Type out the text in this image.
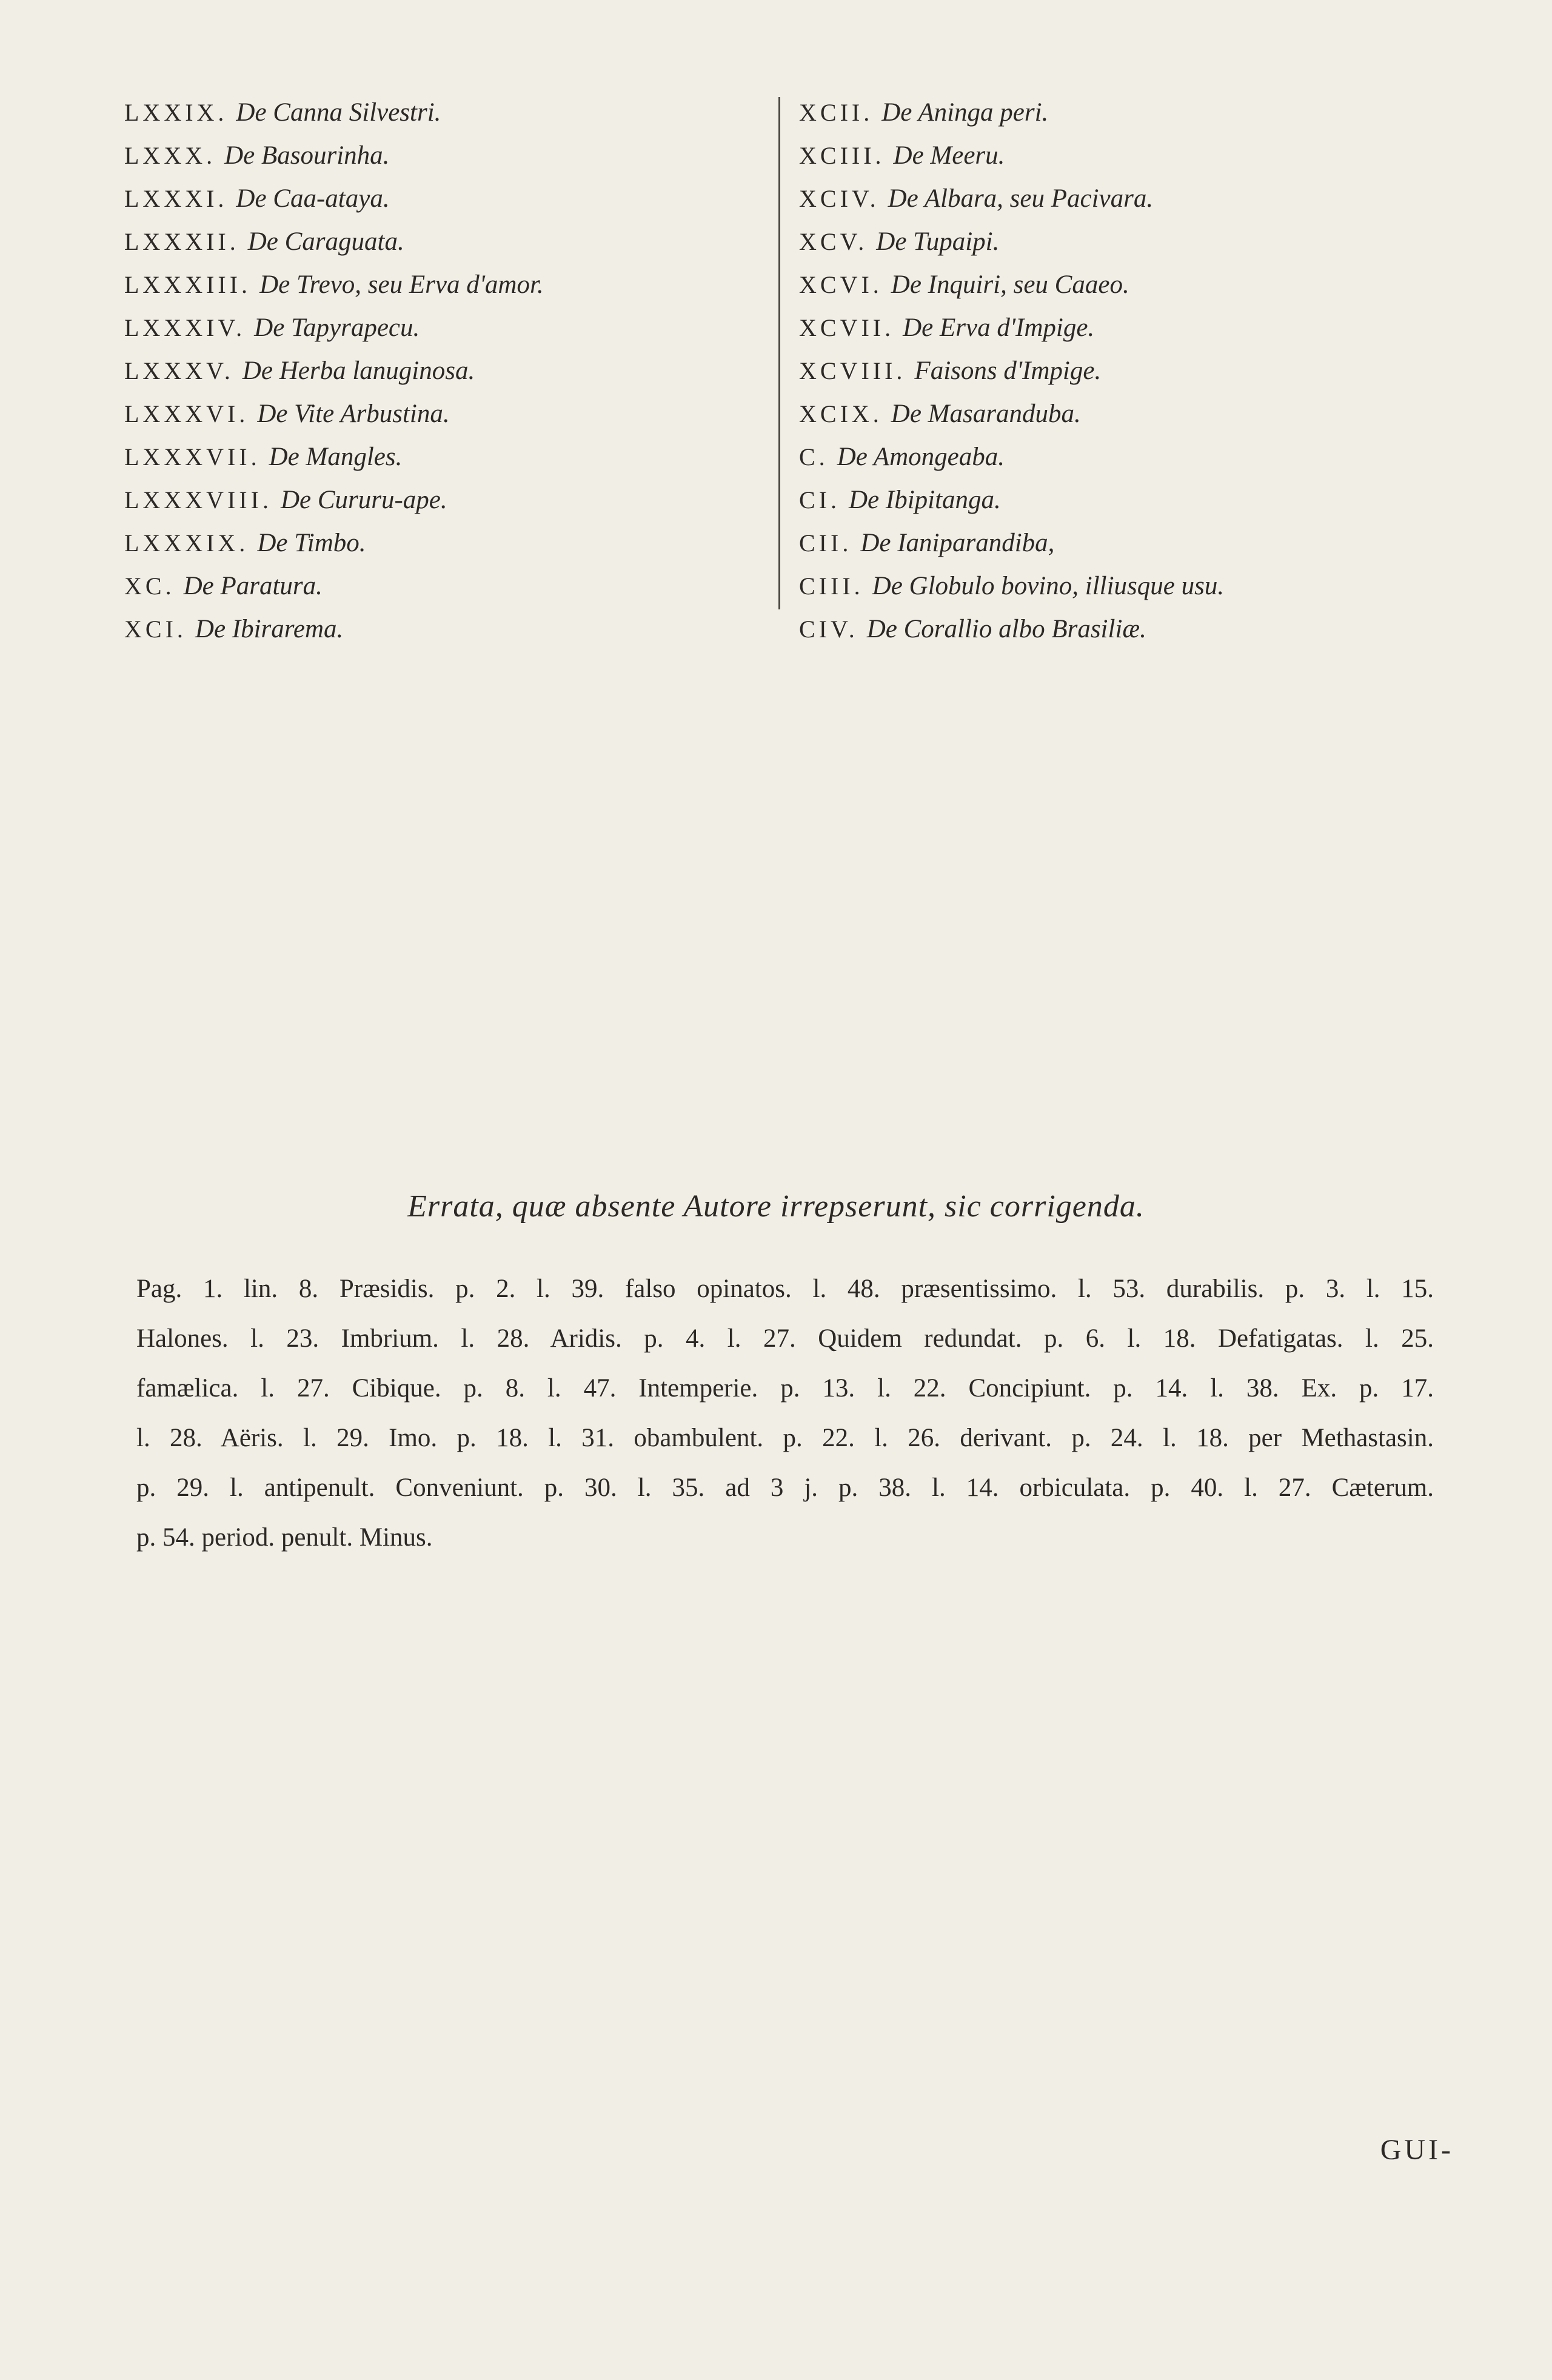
LXXIX. De Canna Silvestri.
LXXX. De Basourinha.
LXXXI. De Caa-ataya.
LXXXII. De Caraguata.
LXXXIII. De Trevo, seu Erva d'amor.
LXXXIV. De Tapyrapecu.
LXXXV. De Herba lanuginosa.
LXXXVI. De Vite Arbustina.
LXXXVII. De Mangles.
LXXXVIII. De Cururu-ape.
LXXXIX. De Timbo.
XC. De Paratura.
XCI. De Ibirarema.
XCII. De Aninga peri.
XCIII. De Meeru.
XCIV. De Albara, seu Pacivara.
XCV. De Tupaipi.
XCVI. De Inquiri, seu Caaeo.
XCVII. De Erva d'Impige.
XCVIII. Faisons d'Impige.
XCIX. De Masaranduba.
C. De Amongeaba.
CI. De Ibipitanga.
CII. De Ianiparandiba,
CIII. De Globulo bovino, illiusque usu.
CIV. De Corallio albo Brasiliæ.
Errata, quæ absente Autore irrepserunt, sic corrigenda.
Pag. 1. lin. 8. Præsidis. p. 2. l. 39. falso opinatos. l. 48. præsentissimo. l. 53. durabilis. p. 3. l. 15.
Halones. l. 23. Imbrium. l. 28. Aridis. p. 4. l. 27. Quidem redundat. p. 6. l. 18. Defatigatas. l. 25.
famælica. l. 27. Cibique. p. 8. l. 47. Intemperie. p. 13. l. 22. Concipiunt. p. 14. l. 38. Ex. p. 17.
l. 28. Aëris. l. 29. Imo. p. 18. l. 31. obambulent. p. 22. l. 26. derivant. p. 24. l. 18. per Methastasin.
p. 29. l. antipenult. Conveniunt. p. 30. l. 35. ad 3 j. p. 38. l. 14. orbiculata. p. 40. l. 27. Cæterum.
p. 54. period. penult. Minus.
GUI-
